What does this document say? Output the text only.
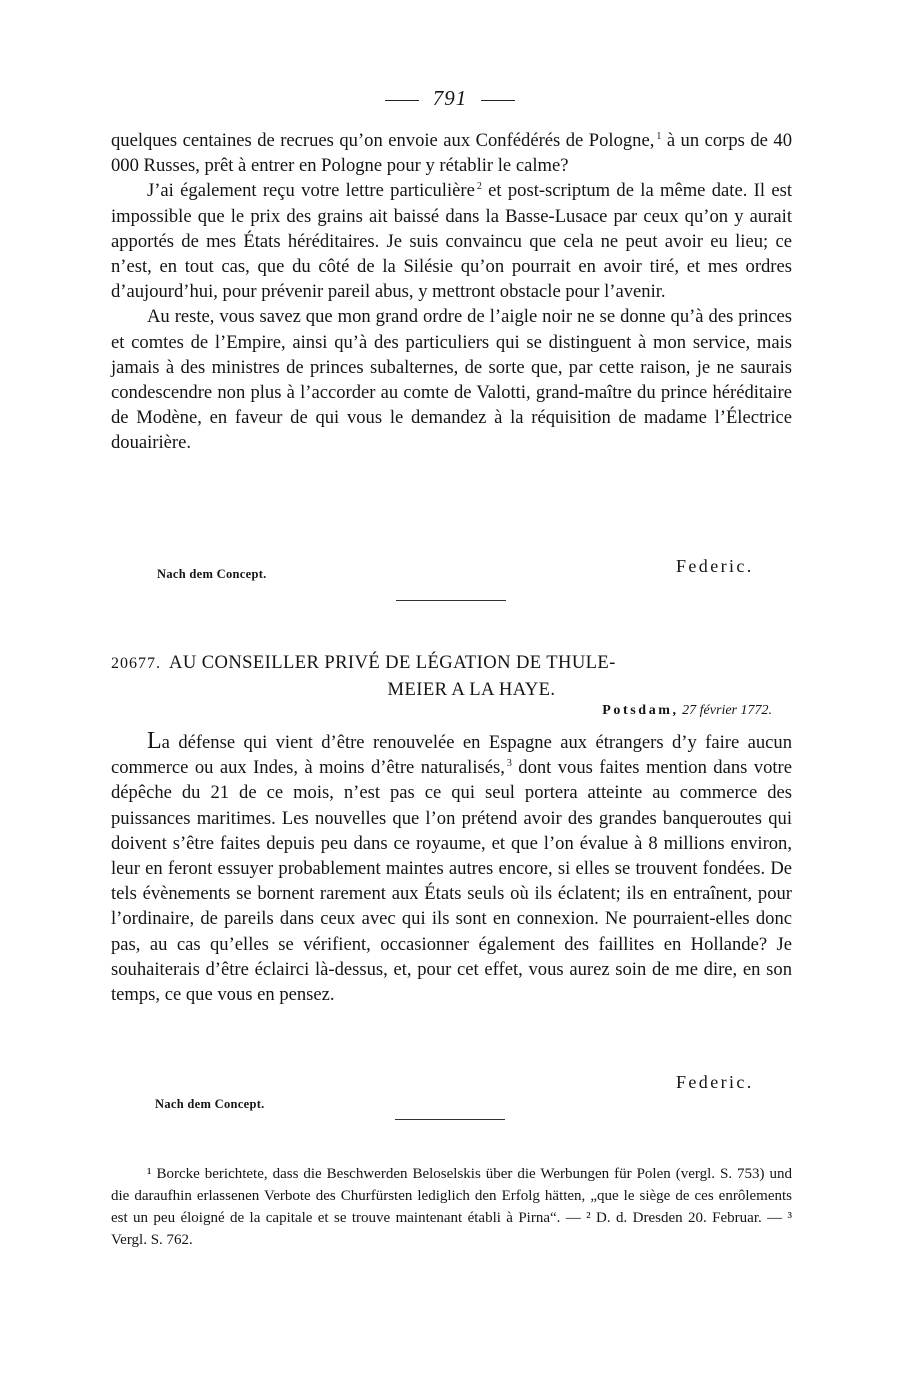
791

quelques centaines de recrues qu’on envoie aux Confédérés de Pologne, $^1$ à un corps de 40 000 Russes, prêt à entrer en Pologne pour y rétablir le calme?

J’ai également reçu votre lettre particulière $^2$ et post-scriptum de la même date. Il est impossible que le prix des grains ait baissé dans la Basse-Lusace par ceux qu’on y aurait apportés de mes États héréditaires. Je suis convaincu que cela ne peut avoir eu lieu; ce n’est, en tout cas, que du côté de la Silésie qu’on pourrait en avoir tiré, et mes ordres d’aujourd’hui, pour prévenir pareil abus, y mettront obstacle pour l’avenir.

Au reste, vous savez que mon grand ordre de l’aigle noir ne se donne qu’à des princes et comtes de l’Empire, ainsi qu’à des particuliers qui se distinguent à mon service, mais jamais à des ministres de princes subalternes, de sorte que, par cette raison, je ne saurais condescendre non plus à l’accorder au comte de Valotti, grand-maître du prince héréditaire de Modène, en faveur de qui vous le demandez à la réquisition de madame l’Électrice douairière.

Nach dem Concept.	Federic.
20677. AU CONSEILLER PRIVÉ DE LÉGATION DE THULE-
MEIER A LA HAYE.
Potsdam, 27 février 1772.

La défense qui vient d’être renouvelée en Espagne aux étrangers d’y faire aucun commerce ou aux Indes, à moins d’être naturalisés, $^3$ dont vous faites mention dans votre dépêche du 21 de ce mois, n’est pas ce qui seul portera atteinte au commerce des puissances maritimes. Les nouvelles que l’on prétend avoir des grandes banqueroutes qui doivent s’être faites depuis peu dans ce royaume, et que l’on évalue à 8 millions environ, leur en feront essuyer probablement maintes autres encore, si elles se trouvent fondées. De tels évènements se bornent rarement aux États seuls où ils éclatent; ils en entraînent, pour l’ordinaire, de pareils dans ceux avec qui ils sont en connexion. Ne pourraient-elles donc pas, au cas qu’elles se vérifient, occasionner également des faillites en Hollande? Je souhaiterais d’être éclairci là-dessus, et, pour cet effet, vous aurez soin de me dire, en son temps, ce que vous en pensez.

Federic.
Nach dem Concept.

¹ Borcke berichtete, dass die Beschwerden Beloselskis über die Werbungen für Polen (vergl. S. 753) und die daraufhin erlassenen Verbote des Churfürsten lediglich den Erfolg hätten, „que le siège de ces enrôlements est un peu éloigné de la capitale et se trouve maintenant établi à Pirna“. — ² D. d. Dresden 20. Februar. — ³ Vergl. S. 762.
